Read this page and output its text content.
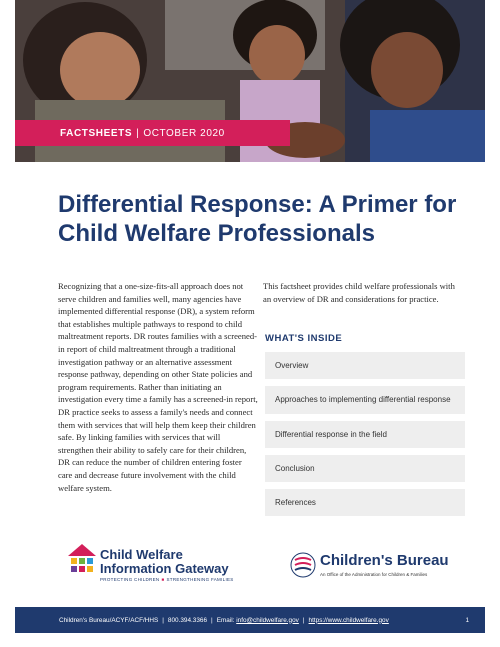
FACTSHEETS | OCTOBER 2020
Differential Response: A Primer for Child Welfare Professionals

Recognizing that a one-size-fits-all approach does not serve children and families well, many agencies have implemented differential response (DR), a system reform that establishes multiple pathways to respond to child maltreatment reports. DR routes families with a screened-in report of child maltreatment through a traditional investigation pathway or an alternative assessment response pathway, depending on other State policies and program requirements. Rather than initiating an investigation every time a family has a screened-in report, DR practice seeks to assess a family's needs and connect them with services that will help them keep their children safe. By linking families with services that will strengthen their ability to safely care for their children, DR can reduce the number of children entering foster care and decrease future involvement with the child welfare system.

This factsheet provides child welfare professionals with an overview of DR and considerations for practice.

WHAT'S INSIDE
Overview
Approaches to implementing differential response
Differential response in the field
Conclusion
References
Child Welfare Information Gateway
PROTECTING CHILDREN ■ STRENGTHENING FAMILIES
Children's Bureau
An Office of the Administration for Children & Families
Children's Bureau/ACYF/ACF/HHS | 800.394.3366 | Email:
info@childwelfare.gov | https://www.childwelfare.gov	1
